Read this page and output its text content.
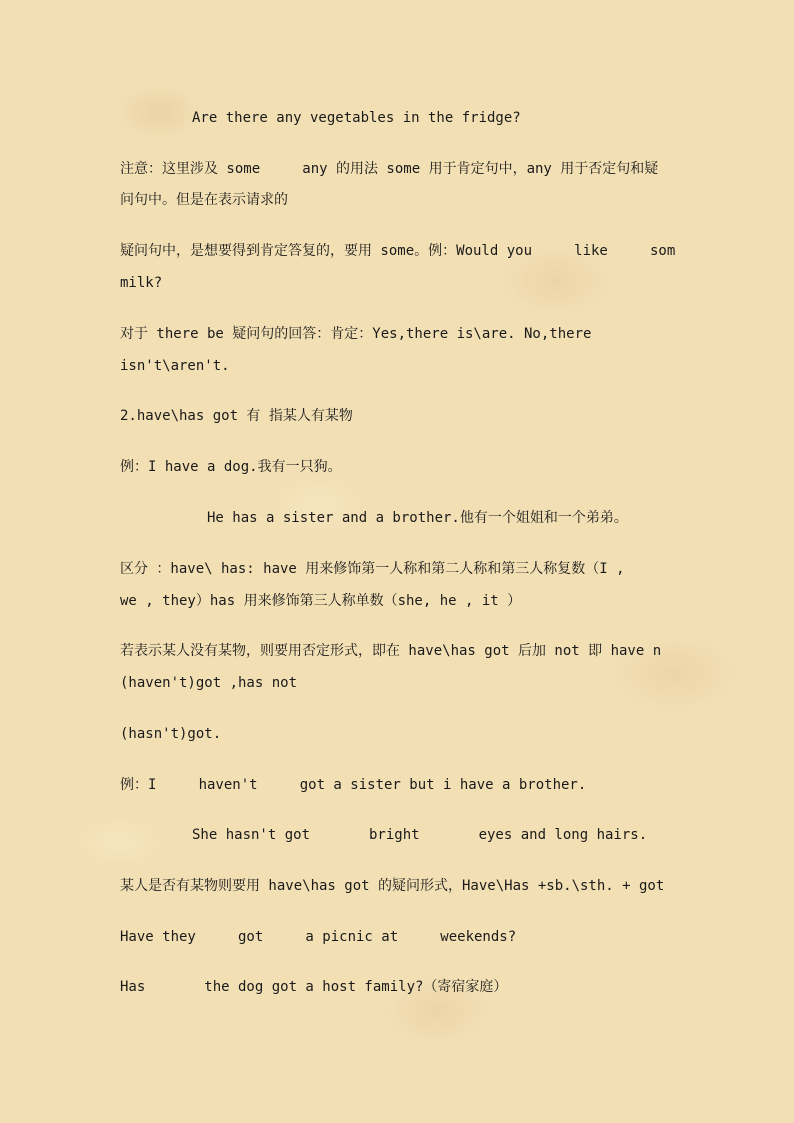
Are there any vegetables in the fridge?
注意：这里涉及 some     any 的用法 some 用于肯定句中，any 用于否定句和疑
问句中。但是在表示请求的
疑问句中，是想要得到肯定答复的，要用 some。例：Would you     like     som
milk?
对于 there be 疑问句的回答：肯定：Yes,there is\are. No,there
isn't\aren't.
2.have\has got 有 指某人有某物
例：I have a dog.我有一只狗。
He has a sister and a brother.他有一个姐姐和一个弟弟。
区分 ：have\ has: have 用来修饰第一人称和第二人称和第三人称复数（I ,
we , they）has 用来修饰第三人称单数（she, he , it ）
若表示某人没有某物，则要用否定形式，即在 have\has got 后加 not 即 have n
(haven't)got ,has not
(hasn't)got.
例：I     haven't     got a sister but i have a brother.
She hasn't got       bright       eyes and long hairs.
某人是否有某物则要用 have\has got 的疑问形式，Have\Has +sb.\sth. + got
Have they     got     a picnic at     weekends?
Has       the dog got a host family?（寄宿家庭）
